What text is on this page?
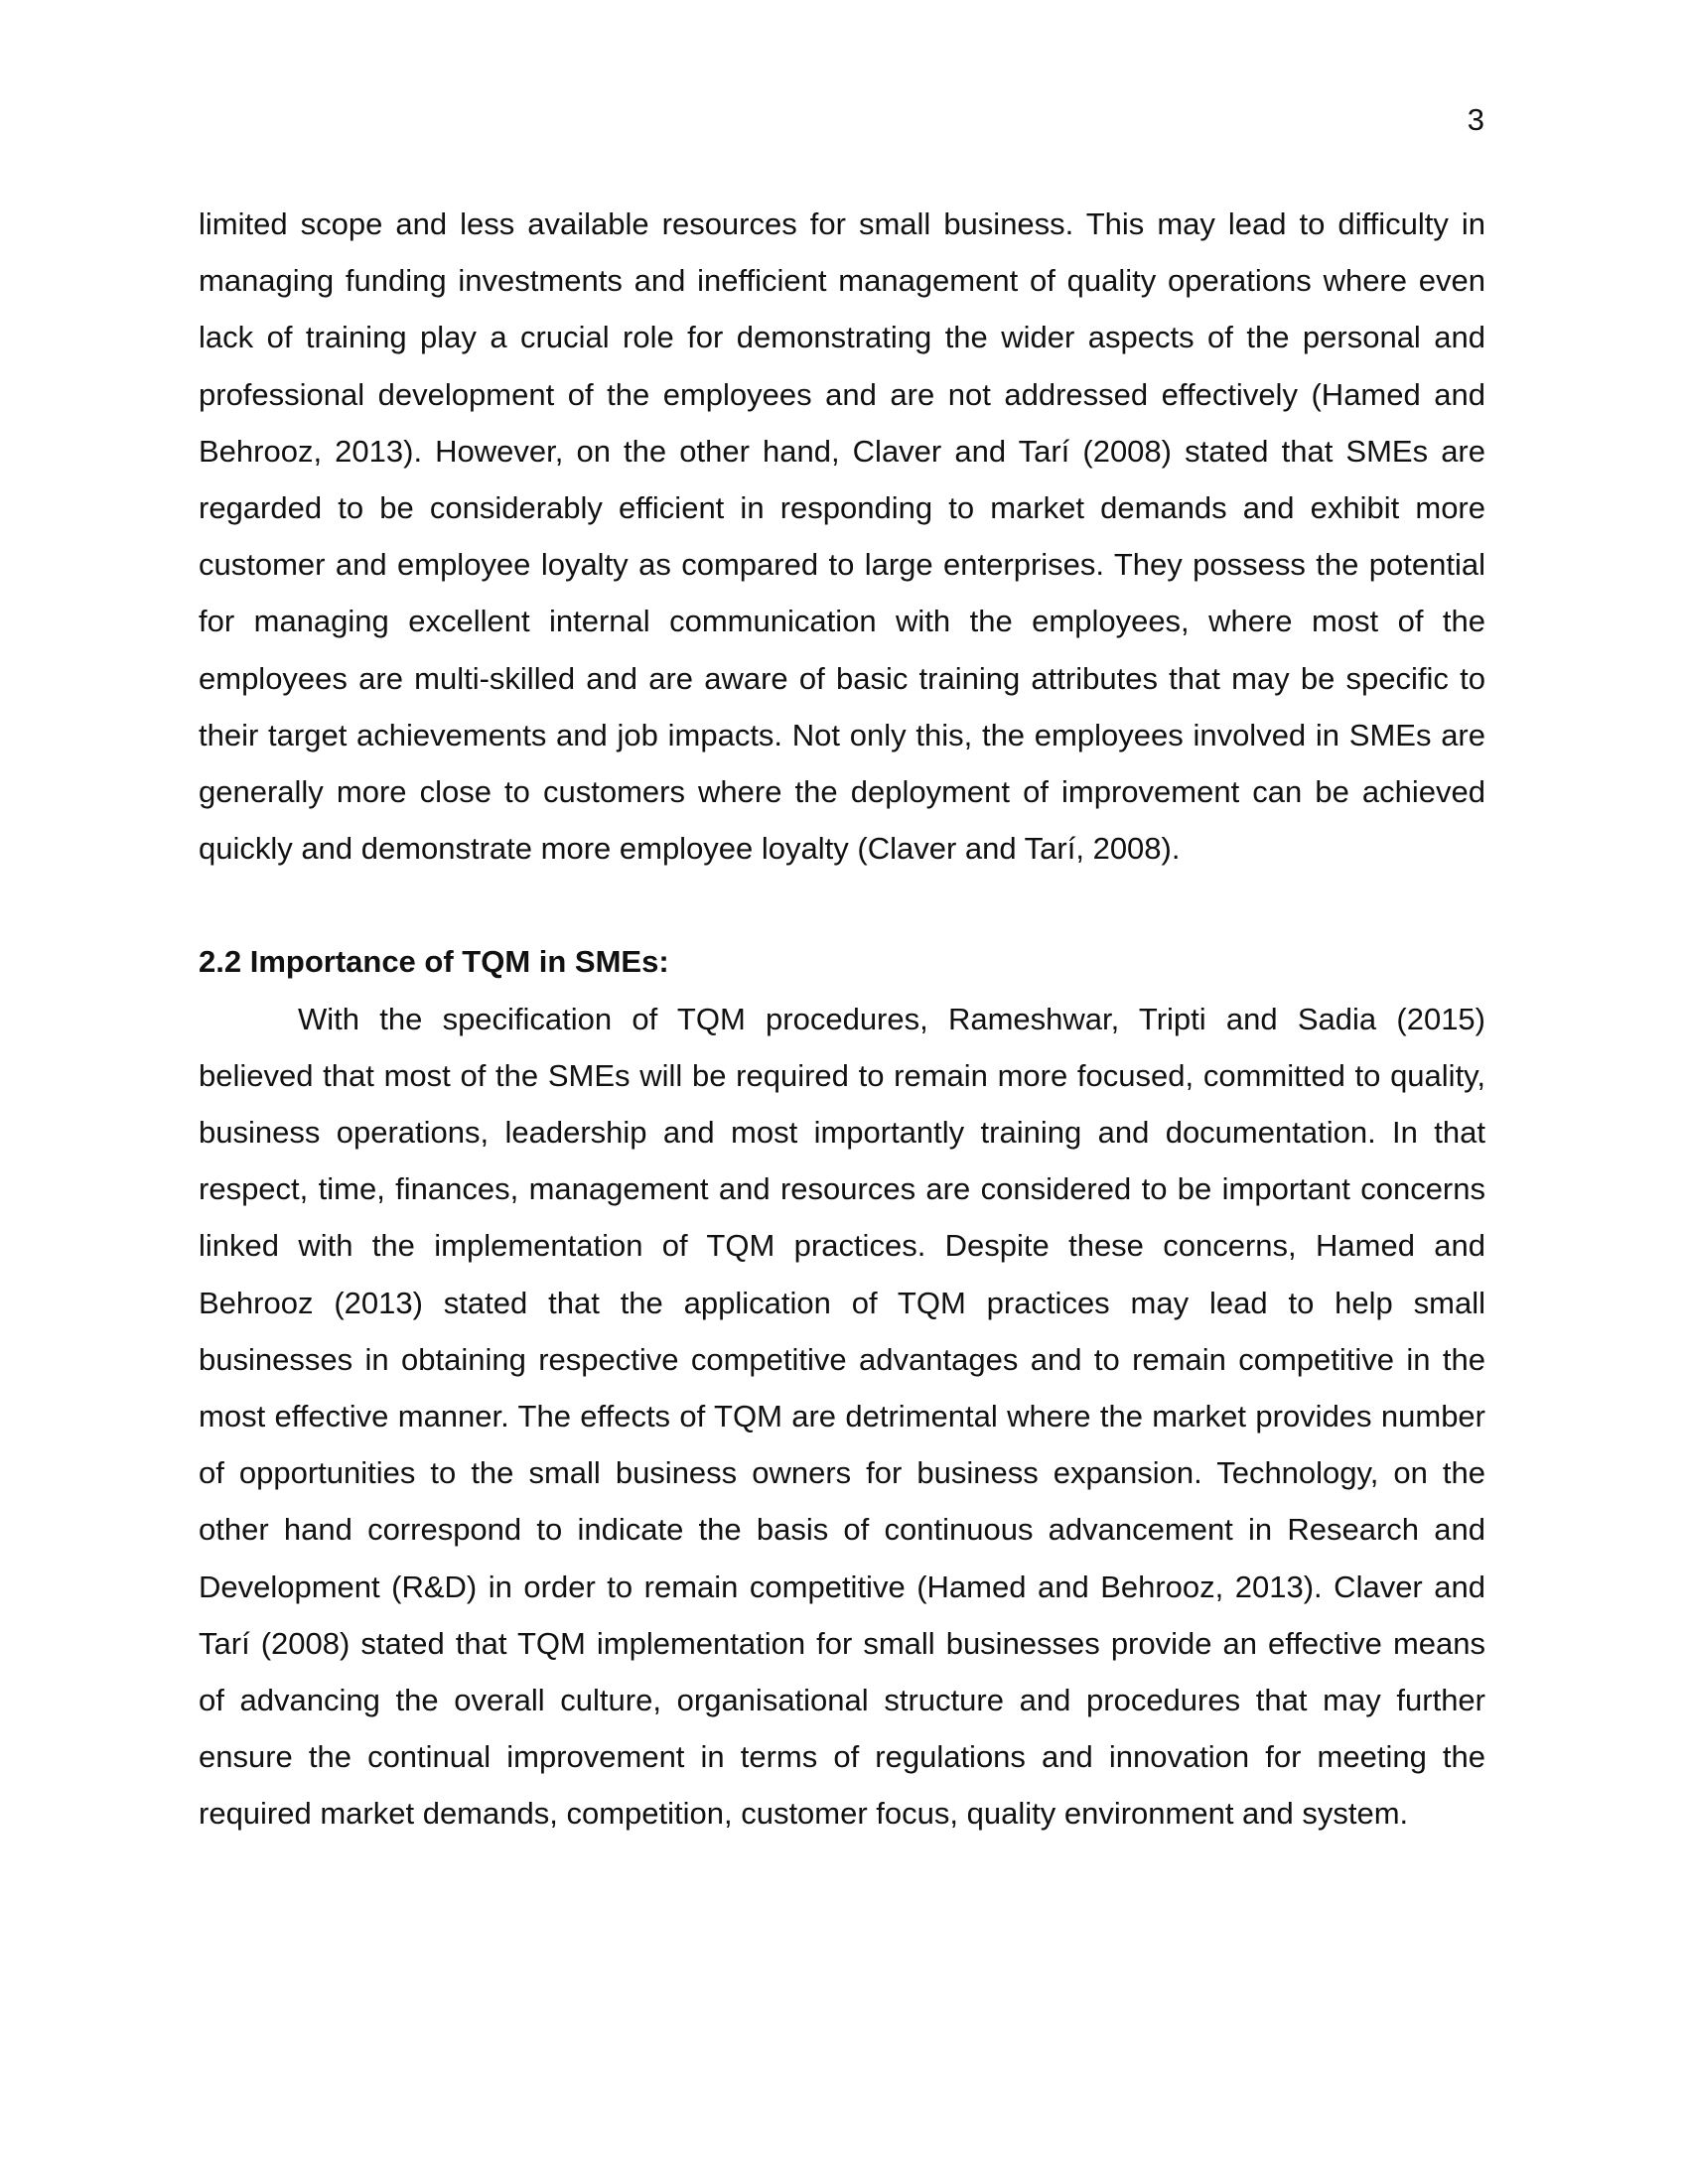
3

limited scope and less available resources for small business. This may lead to difficulty in managing funding investments and inefficient management of quality operations where even lack of training play a crucial role for demonstrating the wider aspects of the personal and professional development of the employees and are not addressed effectively (Hamed and Behrooz, 2013). However, on the other hand, Claver and Tarí (2008) stated that SMEs are regarded to be considerably efficient in responding to market demands and exhibit more customer and employee loyalty as compared to large enterprises. They possess the potential for managing excellent internal communication with the employees, where most of the employees are multi-skilled and are aware of basic training attributes that may be specific to their target achievements and job impacts. Not only this, the employees involved in SMEs are generally more close to customers where the deployment of improvement can be achieved quickly and demonstrate more employee loyalty (Claver and Tarí, 2008).

2.2 Importance of TQM in SMEs:

With the specification of TQM procedures, Rameshwar, Tripti and Sadia (2015) believed that most of the SMEs will be required to remain more focused, committed to quality, business operations, leadership and most importantly training and documentation. In that respect, time, finances, management and resources are considered to be important concerns linked with the implementation of TQM practices. Despite these concerns, Hamed and Behrooz (2013) stated that the application of TQM practices may lead to help small businesses in obtaining respective competitive advantages and to remain competitive in the most effective manner. The effects of TQM are detrimental where the market provides number of opportunities to the small business owners for business expansion. Technology, on the other hand correspond to indicate the basis of continuous advancement in Research and Development (R&D) in order to remain competitive (Hamed and Behrooz, 2013). Claver and Tarí (2008) stated that TQM implementation for small businesses provide an effective means of advancing the overall culture, organisational structure and procedures that may further ensure the continual improvement in terms of regulations and innovation for meeting the required market demands, competition, customer focus, quality environment and system.
